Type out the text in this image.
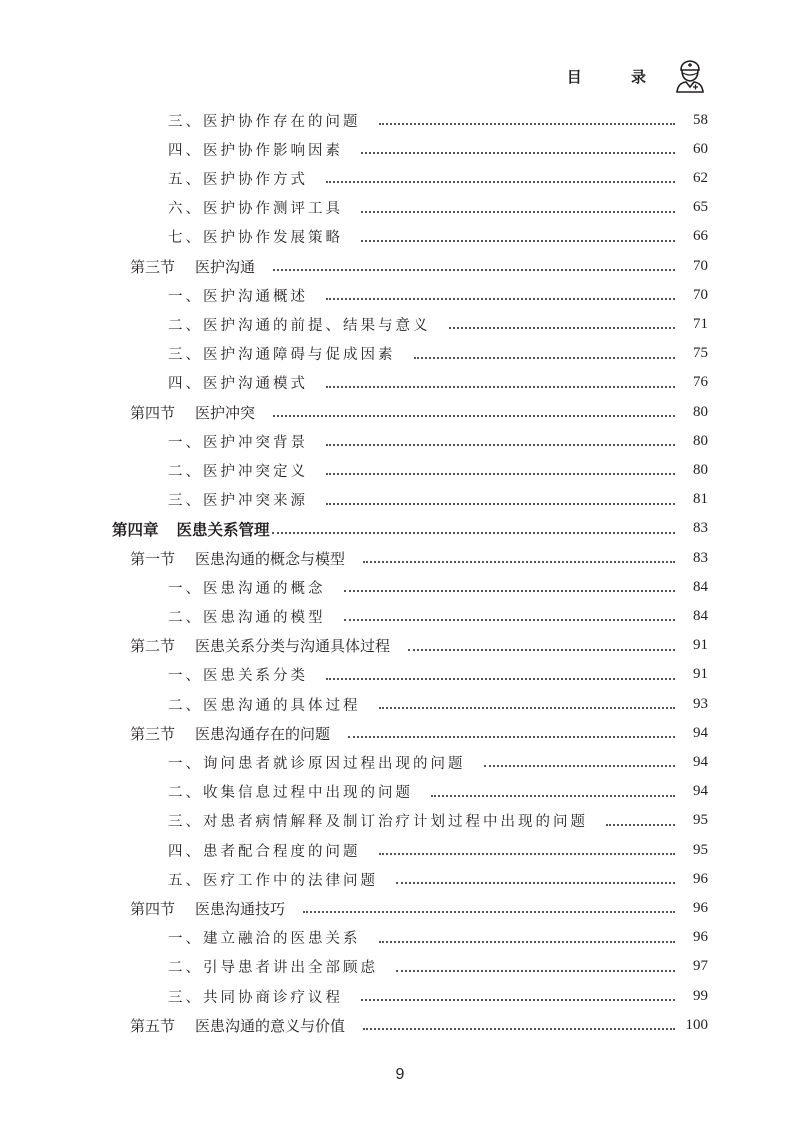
目 录
三、医护协作存在的问题	58
四、医护协作影响因素	60
五、医护协作方式	62
六、医护协作测评工具	65
七、医护协作发展策略	66
第三节 医护沟通	70
一、医护沟通概述	70
二、医护沟通的前提、结果与意义	71
三、医护沟通障碍与促成因素	75
四、医护沟通模式	76
第四节 医护冲突	80
一、医护冲突背景	80
二、医护冲突定义	80
三、医护冲突来源	81
第四章 医患关系管理	83
第一节 医患沟通的概念与模型	83
一、医患沟通的概念	84
二、医患沟通的模型	84
第二节 医患关系分类与沟通具体过程	91
一、医患关系分类	91
二、医患沟通的具体过程	93
第三节 医患沟通存在的问题	94
一、询问患者就诊原因过程出现的问题	94
二、收集信息过程中出现的问题	94
三、对患者病情解释及制订治疗计划过程中出现的问题	95
四、患者配合程度的问题	95
五、医疗工作中的法律问题	96
第四节 医患沟通技巧	96
一、建立融洽的医患关系	96
二、引导患者讲出全部顾虑	97
三、共同协商诊疗议程	99
第五节 医患沟通的意义与价值	100
9
